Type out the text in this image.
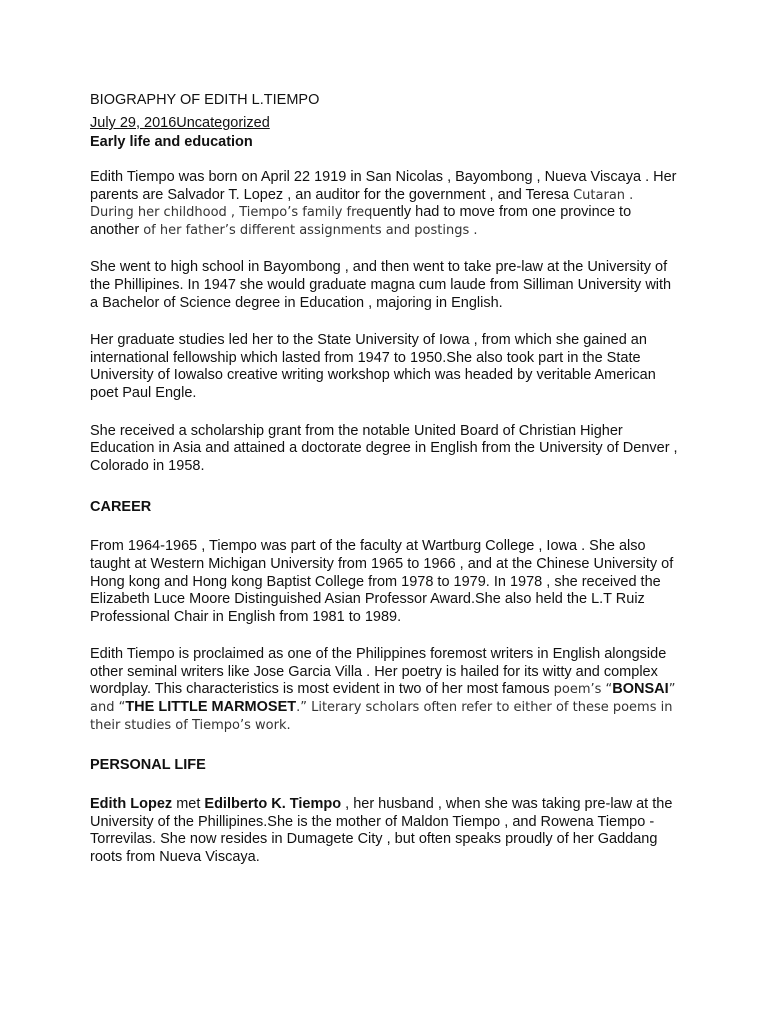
BIOGRAPHY OF EDITH L.TIEMPO
July 29, 2016Uncategorized
Early life and education

Edith Tiempo was born on April 22 1919 in San Nicolas , Bayombong , Nueva Viscaya . Her parents are Salvador T. Lopez , an auditor for the government , and Teresa Cutaran . During her childhood , Tiempo’s family frequently had to move from one province to another of her father’s different assignments and postings .

She went to high school in Bayombong , and then went to take pre-law at the University of the Phillipines. In 1947 she would graduate magna cum laude from Silliman University with a Bachelor of Science degree in Education , majoring in English.

Her graduate studies led her to the State University of Iowa , from which she gained an international fellowship which lasted from 1947 to 1950.She also took part in the State University of Iowalso creative writing workshop which was headed by veritable American poet Paul Engle.

She received a scholarship grant from the notable United Board of Christian Higher Education in Asia and attained a doctorate degree in English from the University of Denver , Colorado in 1958.

CAREER

From 1964-1965 , Tiempo was part of the faculty at Wartburg College , Iowa . She also taught at Western Michigan University from 1965 to 1966 , and at the Chinese University of Hong kong and Hong kong Baptist College from 1978 to 1979. In 1978 , she received the Elizabeth Luce Moore Distinguished Asian Professor Award.She also held the L.T Ruiz Professional Chair in English from 1981 to 1989.

Edith Tiempo is proclaimed as one of the Philippines foremost writers in English alongside other seminal writers like Jose Garcia Villa . Her poetry is hailed for its witty and complex wordplay. This characteristics is most evident in two of her most famous poem’s “BONSAI” and “THE LITTLE MARMOSET.” Literary scholars often refer to either of these poems in their studies of Tiempo’s work.

PERSONAL LIFE

Edith Lopez met Edilberto K. Tiempo , her husband , when she was taking pre-law at the University of the Phillipines.She is the mother of Maldon Tiempo , and Rowena Tiempo -Torrevilas. She now resides in Dumagete City , but often speaks proudly of her Gaddang roots from Nueva Viscaya.
